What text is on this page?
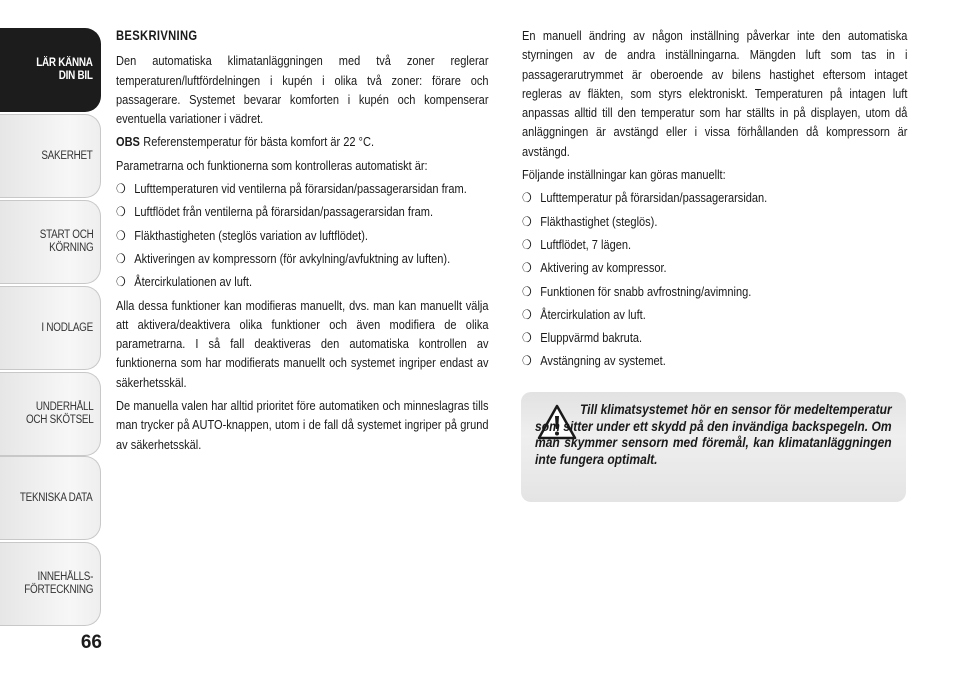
LÄR KÄNNA
DIN BIL
SÄKERHET
START OCH
KÖRNING
I NÖDLÄGE
UNDERHÅLL
OCH SKÖTSEL
TEKNISKA DATA
INNEHÅLLS-
FÖRTECKNING
66

BESKRIVNING

Den automatiska klimatanläggningen med två zoner reglerar temperaturen/luftfördelningen i kupén i olika två zoner: förare och passagerare. Systemet bevarar komforten i kupén och kompenserar eventuella variationer i vädret.

OBS Referenstemperatur för bästa komfort är 22 °C.

Parametrarna och funktionerna som kontrolleras automatiskt är:

❍ Lufttemperaturen vid ventilerna på förarsidan/passagerarsidan fram.
❍ Luftflödet från ventilerna på förarsidan/passagerarsidan fram.
❍ Fläkthastigheten (steglös variation av luftflödet).
❍ Aktiveringen av kompressorn (för avkylning/avfuktning av luften).
❍ Återcirkulationen av luft.

Alla dessa funktioner kan modifieras manuellt, dvs. man kan manuellt välja att aktivera/deaktivera olika funktioner och även modifiera de olika parametrarna. I så fall deaktiveras den automatiska kontrollen av funktionerna som har modifierats manuellt och systemet ingriper endast av säkerhetsskäl.

De manuella valen har alltid prioritet före automatiken och minneslagras tills man trycker på AUTO-knappen, utom i de fall då systemet ingriper på grund av säkerhetsskäl.

En manuell ändring av någon inställning påverkar inte den automatiska styrningen av de andra inställningarna. Mängden luft som tas in i passagerarutrymmet är oberoende av bilens hastighet eftersom intaget regleras av fläkten, som styrs elektroniskt. Temperaturen på intagen luft anpassas alltid till den temperatur som har ställts in på displayen, utom då anläggningen är avstängd eller i vissa förhållanden då kompressorn är avstängd.

Följande inställningar kan göras manuellt:

❍ Lufttemperatur på förarsidan/passagerarsidan.
❍ Fläkthastighet (steglös).
❍ Luftflödet, 7 lägen.
❍ Aktivering av kompressor.
❍ Funktionen för snabb avfrostning/avimning.
❍ Återcirkulation av luft.
❍ Eluppvärmd bakruta.
❍ Avstängning av systemet.
Till klimatsystemet hör en sensor för medeltemperatur som sitter under ett skydd på den invändiga backspegeln. Om man skymmer sensorn med föremål, kan klimatanläggningen inte fungera optimalt.
